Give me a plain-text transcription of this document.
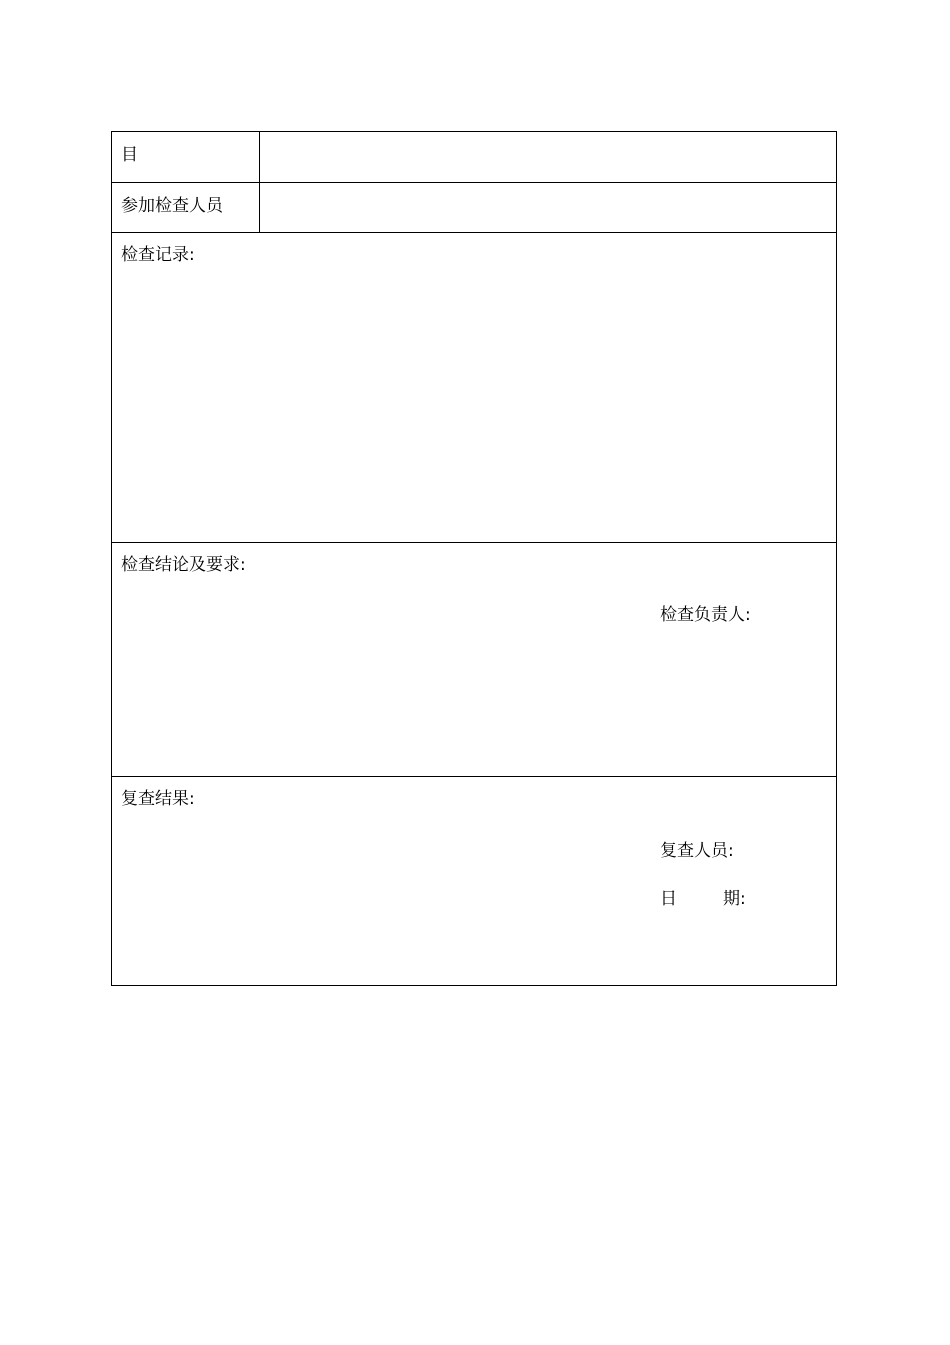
目
参加检查人员
检查记录:
检查结论及要求:
检查负责人:
复查结果:
复查人员:
日	期:
